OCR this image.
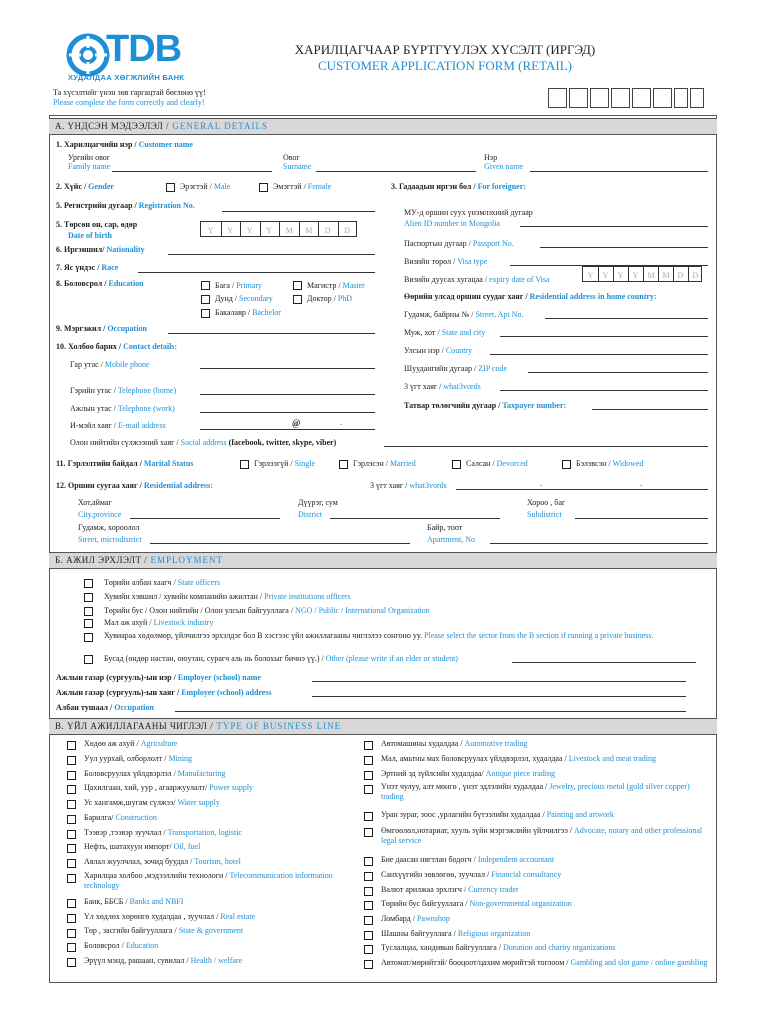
TDB
ХУДАЛДАА ХӨГЖЛИЙН БАНК
ХАРИЛЦАГЧААР БҮРТГҮҮЛЭХ ХҮСЭЛТ (ИРГЭД)
CUSTOMER APPLICATION FORM (RETAIL)
Та хүсэлтийг үнэн зөв гаргацтай бөглөнө үү!
Please complete the form correctly and clearly!
А. ҮНДСЭН МЭДЭЭЛЭЛ / GENERAL DETAILS
1. Харилцагчийн нэр / Customer name
Ургийн овог
Family name
Овог
Surname
Нэр
Given name
2. Хүйс / Gender	Эрэгтэй / Male	Эмэгтэй / Female
5. Регистрийн дугаар / Registration No.
5. Төрсөн он, сар, өдөр
Date of birth
Y Y Y Y M M D D
6. Иргэншил/ Nationality
7. Яс үндэс / Race
8. Боловсрол / Education	Бага / Primary	Магистр / Master
Дунд / Secondary	Доктор / PhD
Бакалавр / Bachelor
9. Мэргэжил / Occupation
10. Холбоо барих / Contact details:
Гар утас / Mobile phone
Гэрийн утас / Telephone (home)
Ажлын утас / Telephone (work)
И-мэйл хаяг / E-mail address	@	.
Олон нийтийн сүлжээний хаяг / Social address (facebook, twitter, skype, viber)
11. Гэрлэлтийн байдал / Marital Status	Гэрлээгүй / Single	Гэрлэсэн / Married	Салсан / Devorced	Бэлэвсэн / Widowed
12. Оршин суугаа хаяг / Residential address:	3 үгт хаяг / what3vords	.	.
Хот,аймаг
City,province
Дүүрэг, сум
District
Хороо , баг
Subdistrict
Гудамж, хороолол
Street, microdistrict
Байр, тоот
Apartment, No
3. Гадаадын иргэн бол / For foreigner:
МУ-д оршин суух үнэмлэхний дугаар
Alien ID number in Mongolia
Паспортын дугаар / Passport No.
Визийн төрөл / Visa type
Визийн дуусах хугацаа / expiry date of Visa	Y Y Y Y M M D D
Өөрийн улсад оршин суудаг хаяг / Residential address in home country:
Гудамж, байрны № / Street, Apt No.
Муж, хот / State and city
Улсын нэр / Country
Шуудангийн дугаар / ZIP code
3 үгт хаяг / what3vords
Татвар төлөгчийн дугаар / Taxpayer number:
Б. АЖИЛ ЭРХЛЭЛТ / EMPLOYMENT
Төрийн албан хаагч / State officers
Хувийн хэвшил / хувийн компанийн ажилтан / Private institutions officers
Төрийн бус / Олон нийтийн / Олон улсын байгууллага / NGO / Public / International Organization
Мал аж ахуй / Livestock industry
Хувиараа хөдөлмөр, үйлчилгээ эрхэлдэг бол В хэсгээс үйл ажиллагааны чиглэлээ сонгоно уу. Please select the sector from the B section if running a private business.
Бусад (өндөр настан, оюутан, сурагч аль нь болохыг бичнэ үү.) / Other (please write if an elder or student)
Ажлын газар (сургууль)-ын нэр / Employer (school) name
Ажлын газар (сургууль)-ын хаяг / Employer (school) address
Албан тушаал / Occupation
В. ҮЙЛ АЖИЛЛАГААНЫ ЧИГЛЭЛ / TYPE OF BUSINESS LINE
Хөдөө аж ахуй / Agriculture
Уул уурхай, олборлолт / Mining
Боловсруулах үйлдвэрлэл / Manufacturing
Цахилгаан, хий, уур , агааржуулалт/ Power supply
Ус хангамж,шугам сүлжээ/ Water supply
Барилга/ Construction
Тээвэр ,тээвэр зуучлал / Transportation, logistic
Нефть, шатахуун импорт/ Oil, fuel
Аялал жуулчлал, зочид буудал / Tourism, hotel
Харилцаа холбоо ,мэдээллийн технологи / Telecommunication information technology
Банк, ББСБ / Banks and NBFI
Үл хөдлөх хөрөнгө худалдаа , зуучлал / Real estate
Төр , засгийн байгууллага / State & government
Боловсрол / Education
Эрүүл мэнд, рашаан, сувилал / Health / welfare
Автомашины худалдаа / Automotive trading
Мал, амьтны мах боловсруулах үйлдвэрлэл, худалдаа / Livestock and meat trading
Эртний эд зүйлсийн худалдаа/ Antique piece trading
Үнэт чулуу, алт мөнгө , үнэт эдлэлийн худалдаа / Jewelry, precious metal (gold silver copper) trading
Уран зураг, зоос ,урлагийн бүтээлийн худалдаа / Painting and artwork
Өмгөөлөл,нотариат, хууль зүйн мэргэжлийн үйлчилгээ / Advocate, notary and other professional legal service
Бие даасан нягтлан бодогч / Independent accountant
Санхүүгийн зөвлөгөө, зуучлал / Financial consultancy
Валют арилжаа эрхлэгч / Currency trader
Төрийн бус байгууллага / Non-governmental organization
Ломбард / Pawnshop
Шашны байгууллага / Religious organization
Туслалцаа, хандивын байгууллага / Donation and charity organizations
Автомат/мөрийтэй/ бооцоот/цахим мөрийтэй тоглоом / Gambling and slot game / online gambling
